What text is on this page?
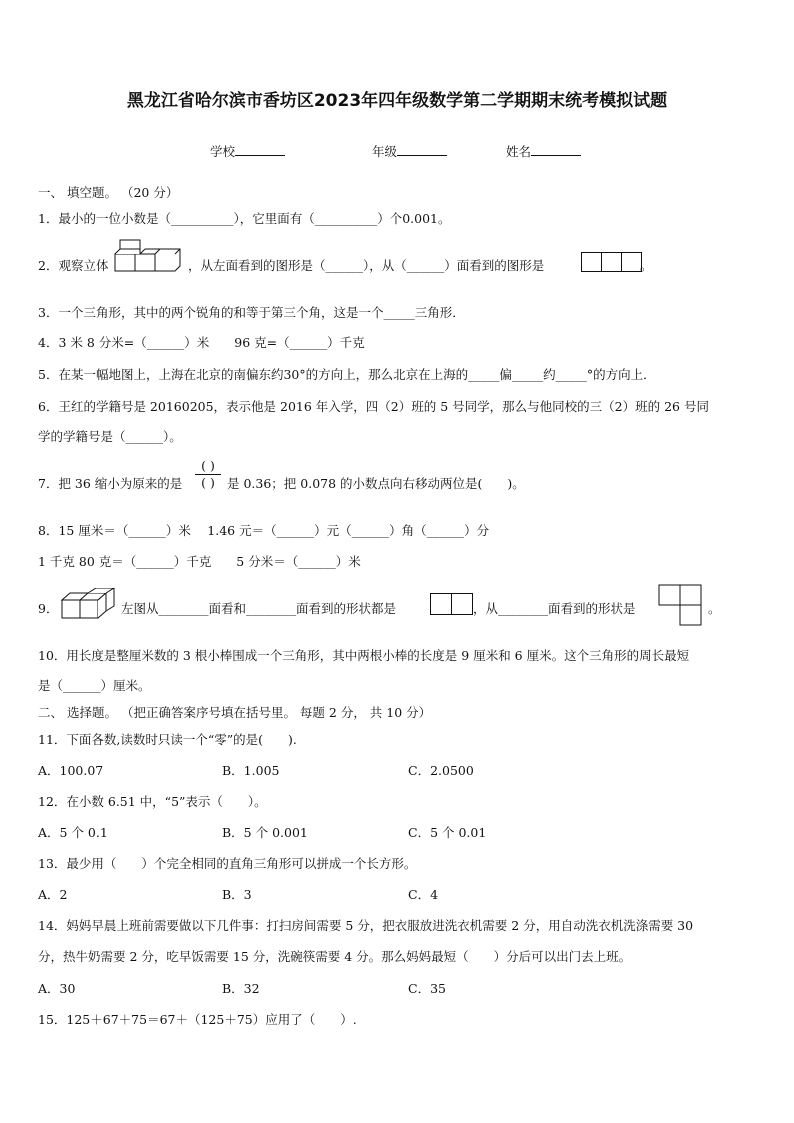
黑龙江省哈尔滨市香坊区2023年四年级数学第二学期期末统考模拟试题
学校	年级	姓名
一、 填空题。 （20 分）
1．最小的一位小数是（__________），它里面有（__________）个0.001。
2．观察立体	，从左面看到的图形是（______），从（______）面看到的图形是	。
3．一个三角形，其中的两个锐角的和等于第三个角，这是一个_____三角形．
4．3 米 8 分米=（______）米　　96 克=（______）千克
5．在某一幅地图上，上海在北京的南偏东约30°的方向上，那么北京在上海的_____偏_____约_____°的方向上．
6．王红的学籍号是 20160205，表示他是 2016 年入学，四（2）班的 5 号同学，那么与他同校的三（2）班的 26 号同
学的学籍号是（______）。
7．把 36 缩小为原来的是 $\frac{( )}{( )}$ 是 0.36；把 0.078 的小数点向右移动两位是(　　)。
8．15 厘米＝（______）米　 1.46 元＝（______）元（______）角（______）分
1 千克 80 克＝（______）千克　　5 分米＝（______）米
9．	左图从________面看和________面看到的形状都是	，从________面看到的形状是	。
10．用长度是整厘米数的 3 根小棒围成一个三角形，其中两根小棒的长度是 9 厘米和 6 厘米。这个三角形的周长最短
是（______）厘米。
二、 选择题。 （把正确答案序号填在括号里。 每题 2 分， 共 10 分）
11．下面各数,读数时只读一个“零”的是(　　).
A．100.07	B．1.005	C．2.0500
12．在小数 6.51 中，“5”表示（　　）。
A．5 个 0.1	B．5 个 0.001	C．5 个 0.01
13．最少用（　　）个完全相同的直角三角形可以拼成一个长方形。
A．2	B．3	C．4
14．妈妈早晨上班前需要做以下几件事：打扫房间需要 5 分，把衣服放进洗衣机需要 2 分，用自动洗衣机洗涤需要 30
分，热牛奶需要 2 分，吃早饭需要 15 分，洗碗筷需要 4 分。那么妈妈最短（　　）分后可以出门去上班。
A．30	B．32	C．35
15．125＋67＋75＝67＋（125＋75）应用了（　　）.
